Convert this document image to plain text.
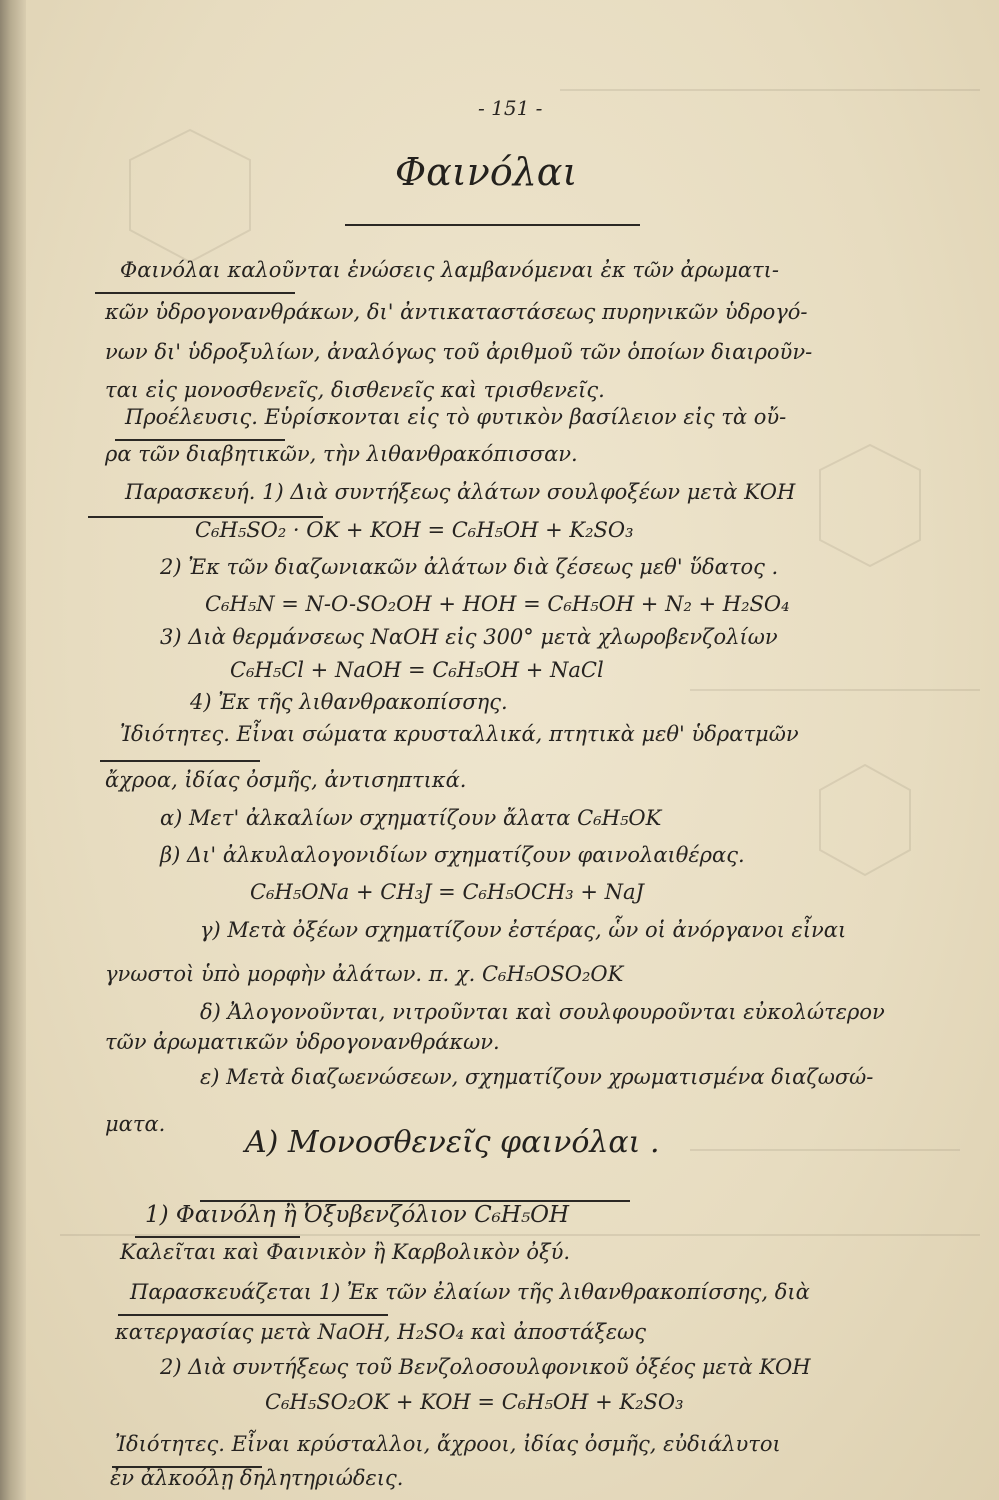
- 151 -
Φαινόλαι
Φαινόλαι καλοῦνται ἑνώσεις λαμβανόμεναι ἐκ τῶν ἀρωματι-
κῶν ὑδρογονανθράκων, δι' ἀντικαταστάσεως πυρηνικῶν ὑδρογό-
νων δι' ὑδροξυλίων, ἀναλόγως τοῦ ἀριθμοῦ τῶν ὁποίων διαιροῦν-
ται εἰς μονοσθενεῖς, δισθενεῖς καὶ τρισθενεῖς.
Προέλευσις. Εὑρίσκονται εἰς τὸ φυτικὸν βασίλειον εἰς τὰ οὔ-
ρα τῶν διαβητικῶν, τὴν λιθανθρακόπισσαν.
Παρασκευή. 1) Διὰ συντήξεως ἀλάτων σουλφοξέων μετὰ ΚΟΗ
C₆H₅SO₂ · OK + KOH = C₆H₅OH + K₂SO₃
2) Ἐκ τῶν διαζωνιακῶν ἀλάτων διὰ ζέσεως μεθ' ὕδατος .
C₆H₅N = N-O-SO₂OH + HOH = C₆H₅OH + N₂ + H₂SO₄
3) Διὰ θερμάνσεως ΝαΟΗ εἰς 300° μετὰ χλωροβενζολίων
C₆H₅Cl + NaOH = C₆H₅OH + NaCl
4) Ἐκ τῆς λιθανθρακοπίσσης.
Ἰδιότητες. Εἶναι σώματα κρυσταλλικά, πτητικὰ μεθ' ὑδρατμῶν
ἄχροα, ἰδίας ὀσμῆς, ἀντισηπτικά.
α) Μετ' ἀλκαλίων σχηματίζουν ἄλατα C₆H₅OK
β) Δι' ἀλκυλαλογονιδίων σχηματίζουν φαινολαιθέρας.
C₆H₅ONa + CH₃J = C₆H₅OCH₃ + NaJ
γ) Μετὰ ὀξέων σχηματίζουν ἐστέρας, ὧν οἱ ἀνόργανοι εἶναι
γνωστοὶ ὑπὸ μορφὴν ἀλάτων. π. χ. C₆H₅OSO₂OK
δ) Ἀλογονοῦνται, νιτροῦνται καὶ σουλφουροῦνται εὐκολώτερον
τῶν ἀρωματικῶν ὑδρογονανθράκων.
ε) Μετὰ διαζωενώσεων, σχηματίζουν χρωματισμένα διαζωσώ-
ματα.
Α) Μονοσθενεῖς φαινόλαι .
1) Φαινόλη ἢ Ὀξυβενζόλιον C₆H₅OH
Καλεῖται καὶ Φαινικὸν ἢ Καρβολικὸν ὀξύ.
Παρασκευάζεται 1) Ἐκ τῶν ἐλαίων τῆς λιθανθρακοπίσσης, διὰ
κατεργασίας μετὰ NaOH, H₂SO₄ καὶ ἀποστάξεως
2) Διὰ συντήξεως τοῦ Βενζολοσουλφονικοῦ ὀξέος μετὰ ΚΟΗ
C₆H₅SO₂OK + KOH = C₆H₅OH + K₂SO₃
Ἰδιότητες. Εἶναι κρύσταλλοι, ἄχροοι, ἰδίας ὀσμῆς, εὐδιάλυτοι
ἐν ἀλκοόλῃ δηλητηριώδεις.
